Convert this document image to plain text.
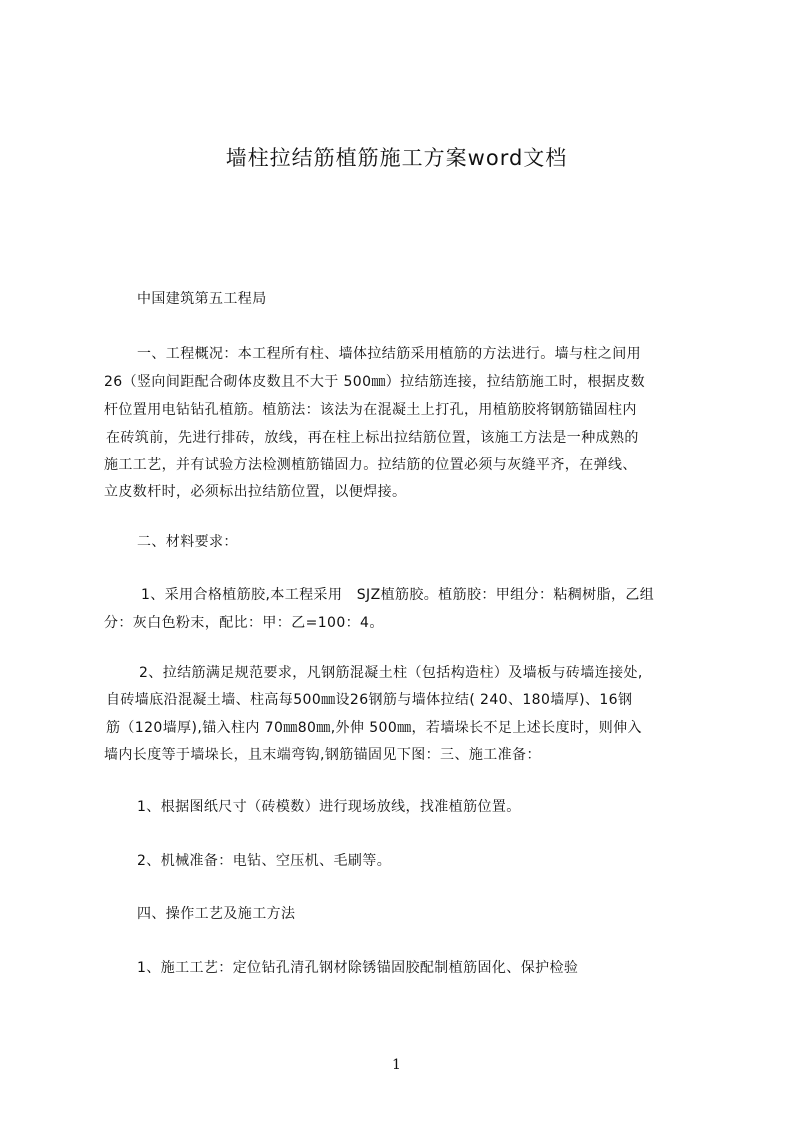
墙柱拉结筋植筋施工方案word文档
中国建筑第五工程局
一、工程概况：本工程所有柱、墙体拉结筋采用植筋的方法进行。墙与柱之间用
26（竖向间距配合砌体皮数且不大于 500㎜）拉结筋连接，拉结筋施工时，根据皮数
杆位置用电钻钻孔植筋。植筋法：该法为在混凝土上打孔，用植筋胶将钢筋锚固柱内
在砖筑前，先进行排砖，放线，再在柱上标出拉结筋位置，该施工方法是一种成熟的
施工工艺，并有试验方法检测植筋锚固力。拉结筋的位置必须与灰缝平齐，在弹线、
立皮数杆时，必须标出拉结筋位置，以便焊接。
二、材料要求：
1、采用合格植筋胶,本工程采用　SJZ植筋胶。植筋胶：甲组分：粘稠树脂，乙组
分：灰白色粉末，配比：甲：乙=100：4。
2、拉结筋满足规范要求，凡钢筋混凝土柱（包括构造柱）及墙板与砖墙连接处,
自砖墙底沿混凝土墙、柱高每500㎜设26钢筋与墙体拉结( 240、180墙厚)、16钢
筋（120墙厚),锚入柱内 70㎜80㎜,外伸 500㎜，若墙垛长不足上述长度时，则伸入
墙内长度等于墙垛长，且末端弯钩,钢筋锚固见下图：三、施工准备：
1、根据图纸尺寸（砖模数）进行现场放线，找准植筋位置。
2、机械准备：电钻、空压机、毛刷等。
四、操作工艺及施工方法
1、施工工艺：定位钻孔清孔钢材除锈锚固胶配制植筋固化、保护检验
1
